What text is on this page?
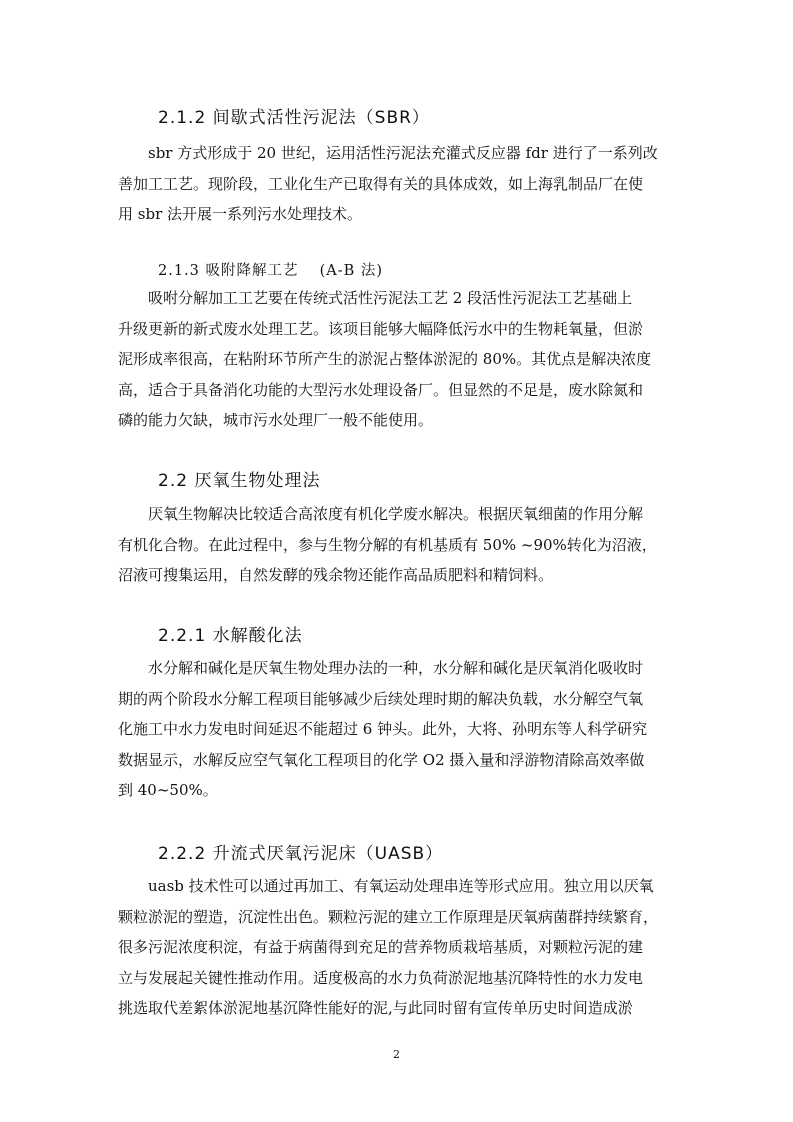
2.1.2 间歇式活性污泥法（SBR）
sbr 方式形成于 20 世纪，运用活性污泥法充灌式反应器 fdr 进行了一系列改
善加工工艺。现阶段，工业化生产已取得有关的具体成效，如上海乳制品厂在使
用 sbr 法开展一系列污水处理技术。
2.1.3 吸附降解工艺　 (A-B 法)
吸咐分解加工工艺要在传统式活性污泥法工艺 2 段活性污泥法工艺基础上
升级更新的新式废水处理工艺。该项目能够大幅降低污水中的生物耗氧量，但淤
泥形成率很高，在粘附环节所产生的淤泥占整体淤泥的 80%。其优点是解决浓度
高，适合于具备消化功能的大型污水处理设备厂。但显然的不足是，废水除氮和
磷的能力欠缺，城市污水处理厂一般不能使用。
2.2 厌氧生物处理法
厌氧生物解决比较适合高浓度有机化学废水解决。根据厌氧细菌的作用分解
有机化合物。在此过程中，参与生物分解的有机基质有 50% ~90%转化为沼液，
沼液可搜集运用，自然发酵的残余物还能作高品质肥料和精饲料。
2.2.1 水解酸化法
水分解和碱化是厌氧生物处理办法的一种，水分解和碱化是厌氧消化吸收时
期的两个阶段水分解工程项目能够减少后续处理时期的解决负载，水分解空气氧
化施工中水力发电时间延迟不能超过 6 钟头。此外，大将、孙明东等人科学研究
数据显示，水解反应空气氧化工程项目的化学 O2 摄入量和浮游物清除高效率做
到 40~50%。
2.2.2 升流式厌氧污泥床（UASB）
uasb 技术性可以通过再加工、有氧运动处理串连等形式应用。独立用以厌氧
颗粒淤泥的塑造，沉淀性出色。颗粒污泥的建立工作原理是厌氧病菌群持续繁育，
很多污泥浓度积淀，有益于病菌得到充足的营养物质栽培基质，对颗粒污泥的建
立与发展起关键性推动作用。适度极高的水力负荷淤泥地基沉降特性的水力发电
挑选取代差絮体淤泥地基沉降性能好的泥,与此同时留有宣传单历史时间造成淤
2
